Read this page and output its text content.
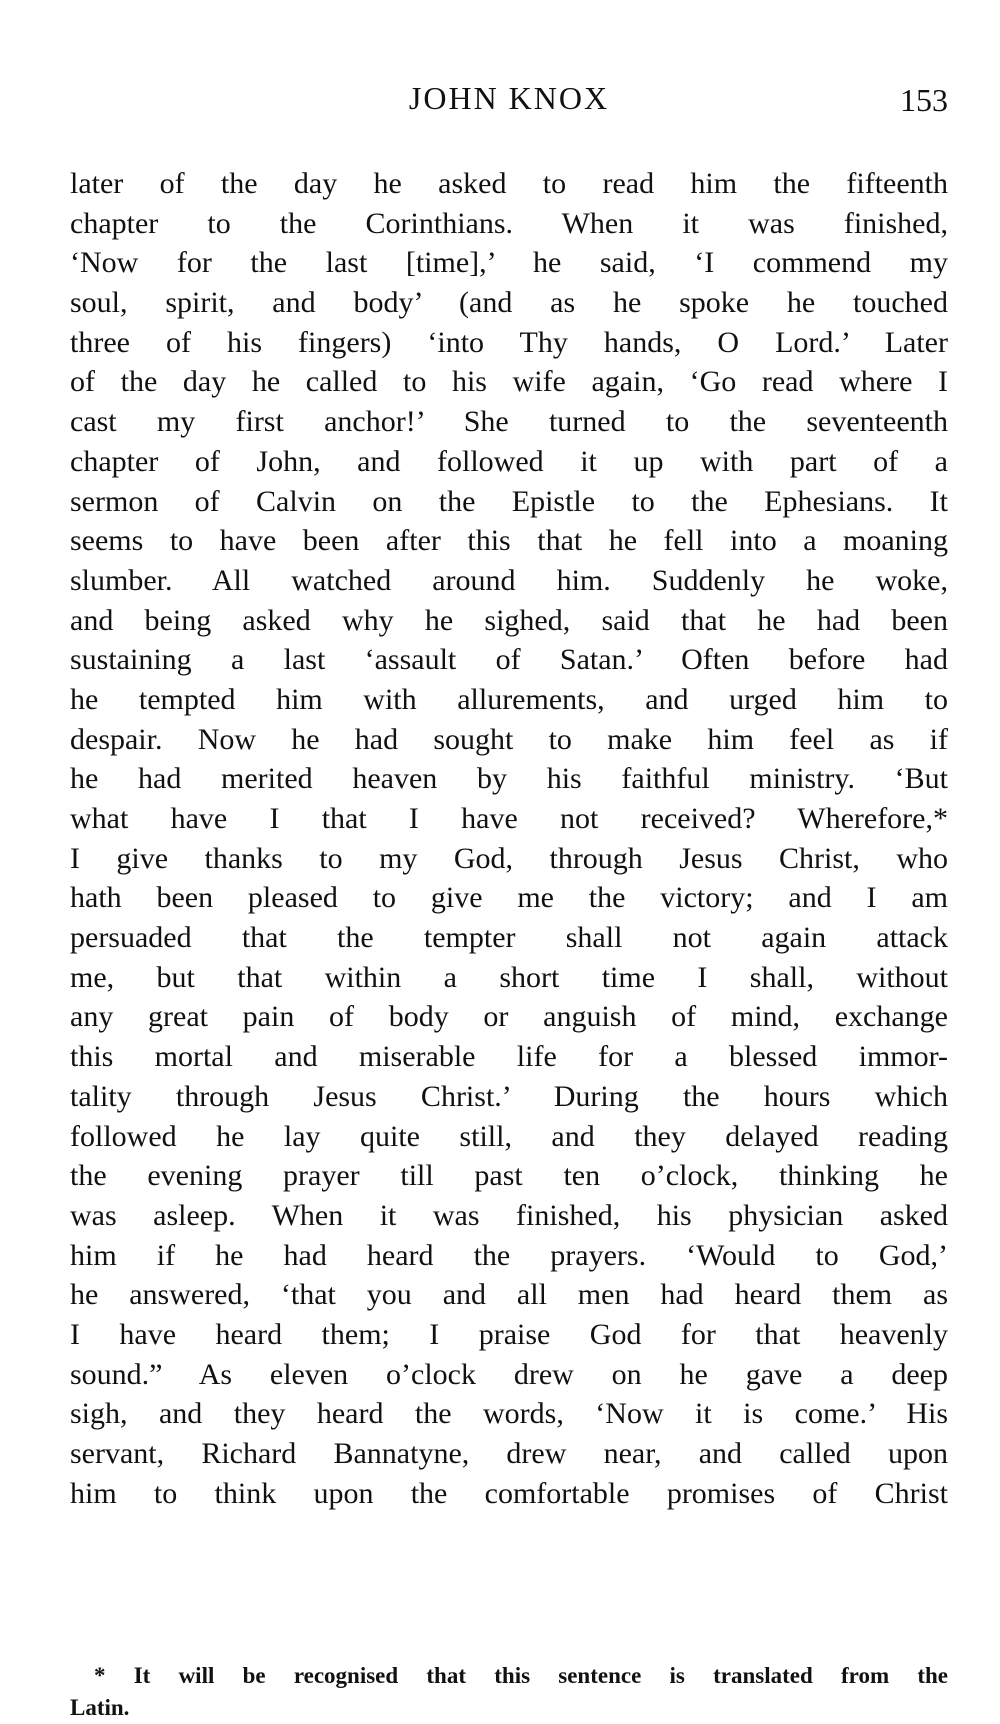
JOHN KNOX	153
later of the day he asked to read him the fifteenth
chapter to the Corinthians. When it was finished,
‘Now for the last [time],’ he said, ‘I commend my
soul, spirit, and body’ (and as he spoke he touched
three of his fingers) ‘into Thy hands, O Lord.’ Later
of the day he called to his wife again, ‘Go read where I
cast my first anchor!’ She turned to the seventeenth
chapter of John, and followed it up with part of a
sermon of Calvin on the Epistle to the Ephesians. It
seems to have been after this that he fell into a moaning
slumber. All watched around him. Suddenly he woke,
and being asked why he sighed, said that he had been
sustaining a last ‘assault of Satan.’ Often before had
he tempted him with allurements, and urged him to
despair. Now he had sought to make him feel as if
he had merited heaven by his faithful ministry. ‘But
what have I that I have not received? Wherefore,*
I give thanks to my God, through Jesus Christ, who
hath been pleased to give me the victory; and I am
persuaded that the tempter shall not again attack
me, but that within a short time I shall, without
any great pain of body or anguish of mind, exchange
this mortal and miserable life for a blessed immor-
tality through Jesus Christ.’ During the hours which
followed he lay quite still, and they delayed reading
the evening prayer till past ten o’clock, thinking he
was asleep. When it was finished, his physician asked
him if he had heard the prayers. ‘Would to God,’
he answered, ‘that you and all men had heard them as
I have heard them; I praise God for that heavenly
sound.” As eleven o’clock drew on he gave a deep
sigh, and they heard the words, ‘Now it is come.’ His
servant, Richard Bannatyne, drew near, and called upon
him to think upon the comfortable promises of Christ
* It will be recognised that this sentence is translated from the
Latin.
